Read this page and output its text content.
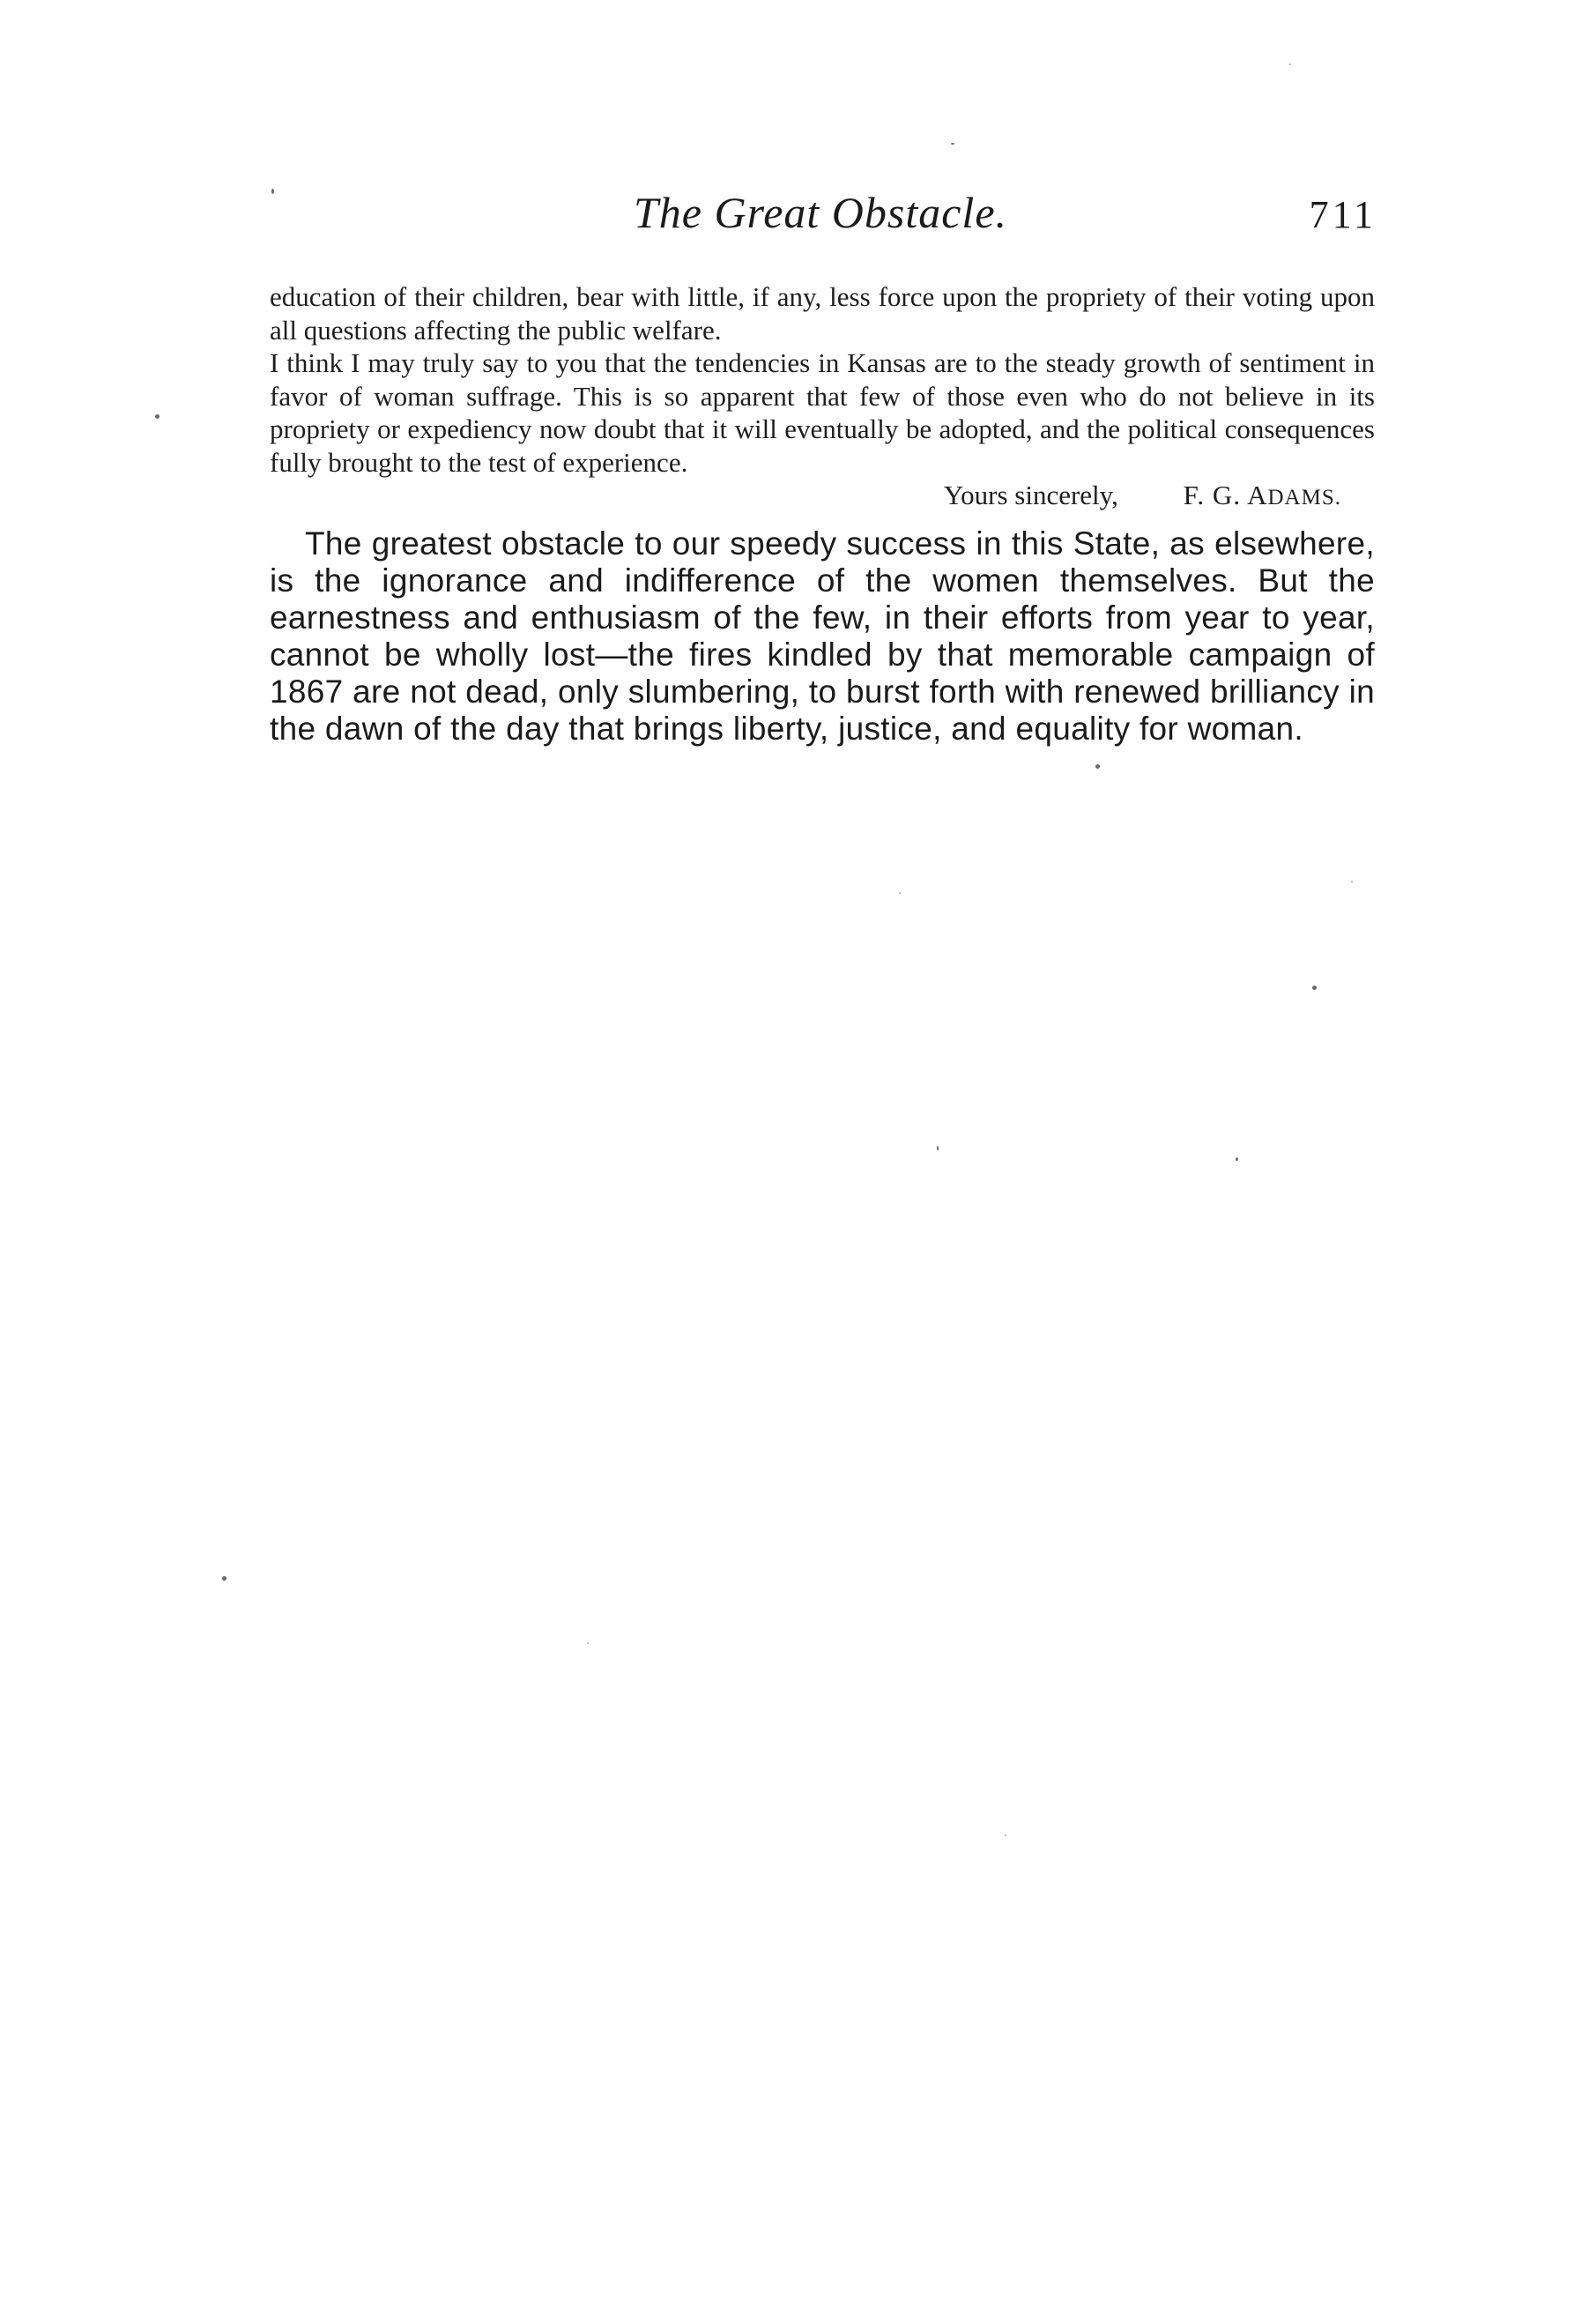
The Great Obstacle.	711

education of their children, bear with little, if any, less force upon the propriety of their voting upon all questions affecting the public welfare.

I think I may truly say to you that the tendencies in Kansas are to the steady growth of sentiment in favor of woman suffrage. This is so apparent that few of those even who do not believe in its propriety or expediency now doubt that it will eventually be adopted, and the political consequences fully brought to the test of experience.

Yours sincerely, F. G. ADAMS.

The greatest obstacle to our speedy success in this State, as elsewhere, is the ignorance and indifference of the women themselves. But the earnestness and enthusiasm of the few, in their efforts from year to year, cannot be wholly lost—the fires kindled by that memorable campaign of 1867 are not dead, only slumbering, to burst forth with renewed brilliancy in the dawn of the day that brings liberty, justice, and equality for woman.
